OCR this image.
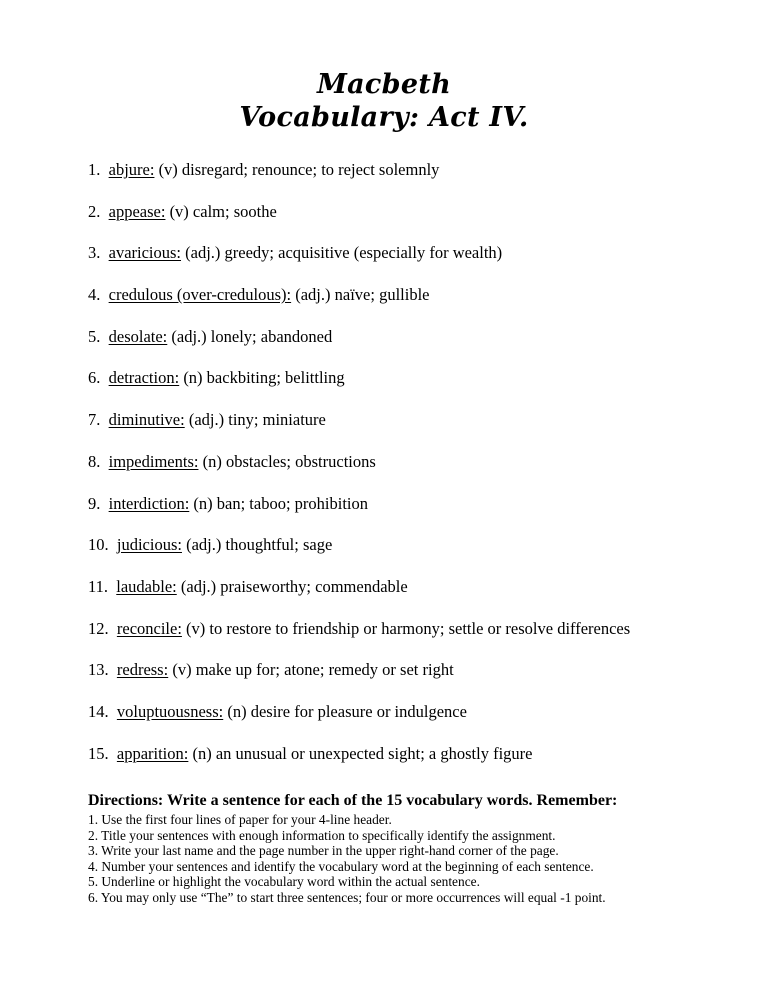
Macbeth
Vocabulary: Act IV.
1. abjure: (v) disregard; renounce; to reject solemnly
2. appease: (v) calm; soothe
3. avaricious: (adj.) greedy; acquisitive (especially for wealth)
4. credulous (over-credulous): (adj.) naïve; gullible
5. desolate: (adj.) lonely; abandoned
6. detraction: (n) backbiting; belittling
7. diminutive: (adj.) tiny; miniature
8. impediments: (n) obstacles; obstructions
9. interdiction: (n) ban; taboo; prohibition
10. judicious: (adj.) thoughtful; sage
11. laudable: (adj.) praiseworthy; commendable
12. reconcile: (v) to restore to friendship or harmony; settle or resolve differences
13. redress: (v) make up for; atone; remedy or set right
14. voluptuousness: (n) desire for pleasure or indulgence
15. apparition: (n) an unusual or unexpected sight; a ghostly figure
Directions: Write a sentence for each of the 15 vocabulary words. Remember:
1. Use the first four lines of paper for your 4-line header.
2. Title your sentences with enough information to specifically identify the assignment.
3. Write your last name and the page number in the upper right-hand corner of the page.
4. Number your sentences and identify the vocabulary word at the beginning of each sentence.
5. Underline or highlight the vocabulary word within the actual sentence.
6. You may only use “The” to start three sentences; four or more occurrences will equal -1 point.
